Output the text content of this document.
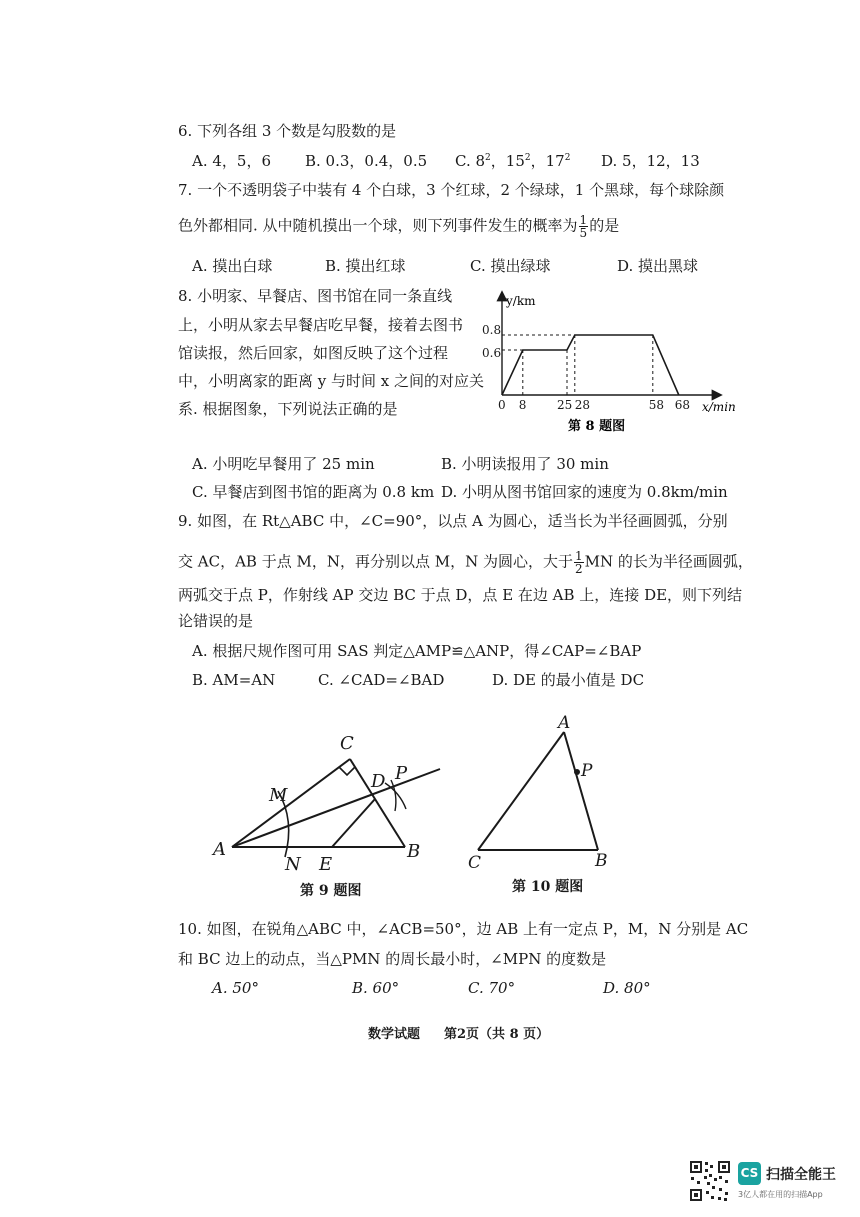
6. 下列各组 3 个数是勾股数的是
A. 4，5，6 B. 0.3，0.4，0.5 C. $8^2$，$15^2$，$17^2$ D. 5，12，13
7. 一个不透明袋子中装有 4 个白球，3 个红球，2 个绿球，1 个黑球，每个球除颜
色外都相同. 从中随机摸出一个球，则下列事件发生的概率为 $\frac{1}{5}$ 的是
A. 摸出白球	B. 摸出红球	C. 摸出绿球	D. 摸出黑球
8. 小明家、早餐店、图书馆在同一条直线
上，小明从家去早餐店吃早餐，接着去图书
馆读报，然后回家，如图反映了这个过程
中，小明离家的距离 y 与时间 x 之间的对应关
系. 根据图象，下列说法正确的是
y/km
x/min
0 8	25 28	58 68
0.6
0.8
第 8 题图
A. 小明吃早餐用了 25 min	B. 小明读报用了 30 min
C. 早餐店到图书馆的距离为 0.8 km D. 小明从图书馆回家的速度为 0.8km/min
9. 如图，在 Rt△ABC 中，∠C=90°，以点 A 为圆心，适当长为半径画圆弧，分别
交 AC，AB 于点 M，N，再分别以点 M，N 为圆心，大于 $\frac{1}{2}$ MN 的长为半径画圆弧，
两弧交于点 P，作射线 AP 交边 BC 于点 D，点 E 在边 AB 上，连接 DE，则下列结
论错误的是
A. 根据尺规作图可用 SAS 判定△AMP≌△ANP，得∠CAP=∠BAP
B. AM=AN	C. ∠CAD=∠BAD	D. DE 的最小值是 DC
A
C
D P
M
N E
B
第 9 题图
A
P
C	B
第 10 题图
10. 如图，在锐角△ABC 中，∠ACB=50°，边 AB 上有一定点 P，M，N 分别是 AC
和 BC 边上的动点，当△PMN 的周长最小时，∠MPN 的度数是
A. 50°	B. 60°	C. 70°	D. 80°
数学试题 第2页（共 8 页）
CS 扫描全能王
3亿人都在用的扫描App
